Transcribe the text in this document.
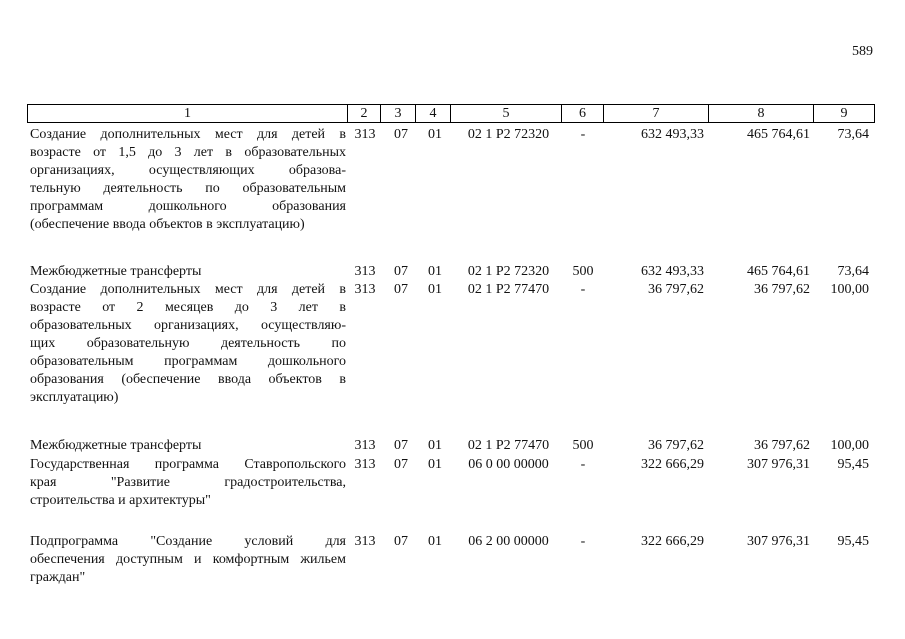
589
1	2	3	4	5	6	7	8	9
Создание дополнительных мест для детей в
возрасте от 1,5 до 3 лет в образовательных
организациях, осуществляющих образова-
тельную деятельность по образовательным
программам дошкольного образования
(обеспечение ввода объектов в эксплуатацию)
313	07	01	02 1 P2 72320	-	632 493,33	465 764,61	73,64
Межбюджетные трансферты	313	07	01	02 1 P2 72320	500	632 493,33	465 764,61	73,64
Создание дополнительных мест для детей в
возрасте от 2 месяцев до 3 лет в
образовательных организациях, осуществляю-
щих образовательную деятельность по
образовательным программам дошкольного
образования (обеспечение ввода объектов в
эксплуатацию)
313	07	01	02 1 P2 77470	-	36 797,62	36 797,62	100,00
Межбюджетные трансферты	313	07	01	02 1 P2 77470	500	36 797,62	36 797,62	100,00
Государственная программа Ставропольского
края "Развитие градостроительства,
строительства и архитектуры"
313	07	01	06 0 00 00000	-	322 666,29	307 976,31	95,45
Подпрограмма "Создание условий для
обеспечения доступным и комфортным жильем
граждан"
313	07	01	06 2 00 00000	-	322 666,29	307 976,31	95,45
